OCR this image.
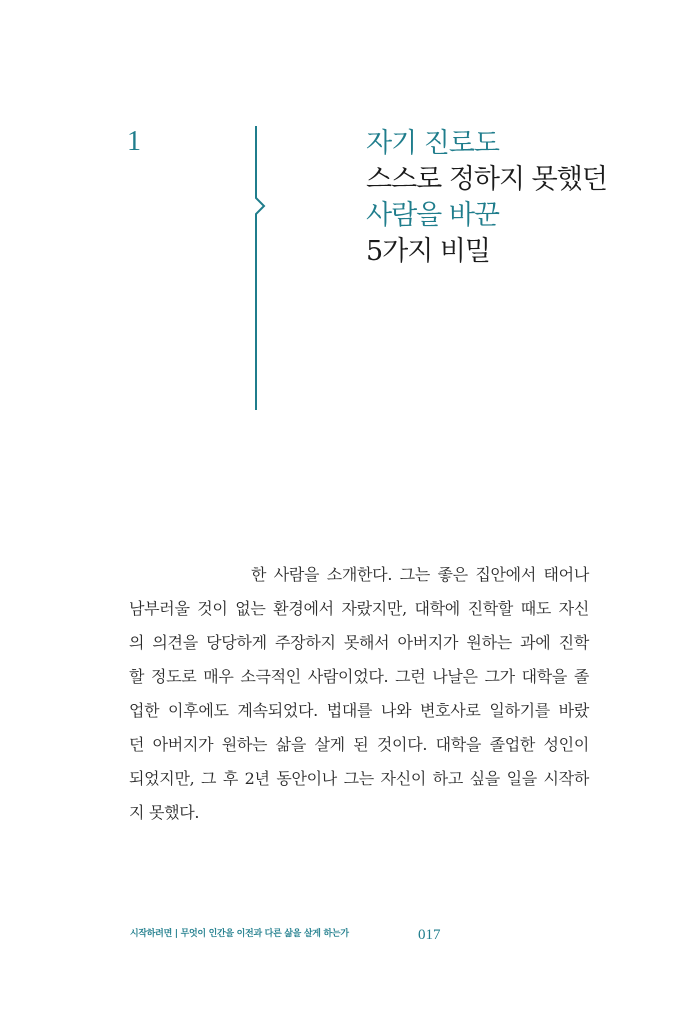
1	자기 진로도
스스로 정하지 못했던
사람을 바꾼
5가지 비밀
한 사람을 소개한다. 그는 좋은 집안에서 태어나
남부러울 것이 없는 환경에서 자랐지만, 대학에 진학할 때도 자신
의 의견을 당당하게 주장하지 못해서 아버지가 원하는 과에 진학
할 정도로 매우 소극적인 사람이었다. 그런 나날은 그가 대학을 졸
업한 이후에도 계속되었다. 법대를 나와 변호사로 일하기를 바랐
던 아버지가 원하는 삶을 살게 된 것이다. 대학을 졸업한 성인이
되었지만, 그 후 2년 동안이나 그는 자신이 하고 싶을 일을 시작하
지 못했다.
시작하려면 | 무엇이 인간을 이전과 다른 삶을 살게 하는가	017
